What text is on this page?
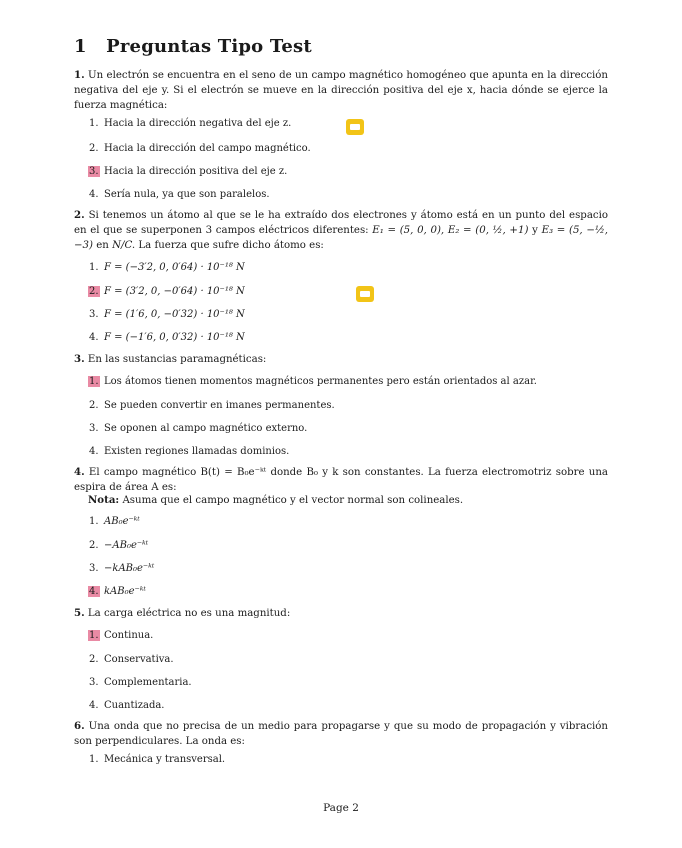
1 Preguntas Tipo Test
1. Un electrón se encuentra en el seno de un campo magnético homogéneo que apunta en la dirección negativa del eje y. Si el electrón se mueve en la dirección positiva del eje x, hacia dónde se ejerce la fuerza magnética:
1. Hacia la dirección negativa del eje z.
2. Hacia la dirección del campo magnético.
3. Hacia la dirección positiva del eje z.
4. Sería nula, ya que son paralelos.
2. Si tenemos un átomo al que se le ha extraído dos electrones y átomo está en un punto del espacio en el que se superponen 3 campos eléctricos diferentes: E₁ = (5, 0, 0), E₂ = (0, ½, +1) y E₃ = (5, −½, −3) en N/C. La fuerza que sufre dicho átomo es:
1. F = (−3′2, 0, 0′64) · 10⁻¹⁸ N
2. F = (3′2, 0, −0′64) · 10⁻¹⁸ N
3. F = (1′6, 0, −0′32) · 10⁻¹⁸ N
4. F = (−1′6, 0, 0′32) · 10⁻¹⁸ N
3. En las sustancias paramagnéticas:
1. Los átomos tienen momentos magnéticos permanentes pero están orientados al azar.
2. Se pueden convertir en imanes permanentes.
3. Se oponen al campo magnético externo.
4. Existen regiones llamadas dominios.
4. El campo magnético B(t) = B₀e⁻ᵏᵗ donde B₀ y k son constantes. La fuerza electromotriz sobre una espira de área A es:
Nota: Asuma que el campo magnético y el vector normal son colineales.
1. AB₀e⁻ᵏᵗ
2. −AB₀e⁻ᵏᵗ
3. −kAB₀e⁻ᵏᵗ
4. kAB₀e⁻ᵏᵗ
5. La carga eléctrica no es una magnitud:
1. Continua.
2. Conservativa.
3. Complementaria.
4. Cuantizada.
6. Una onda que no precisa de un medio para propagarse y que su modo de propagación y vibración son perpendiculares. La onda es:
1. Mecánica y transversal.
Page 2
